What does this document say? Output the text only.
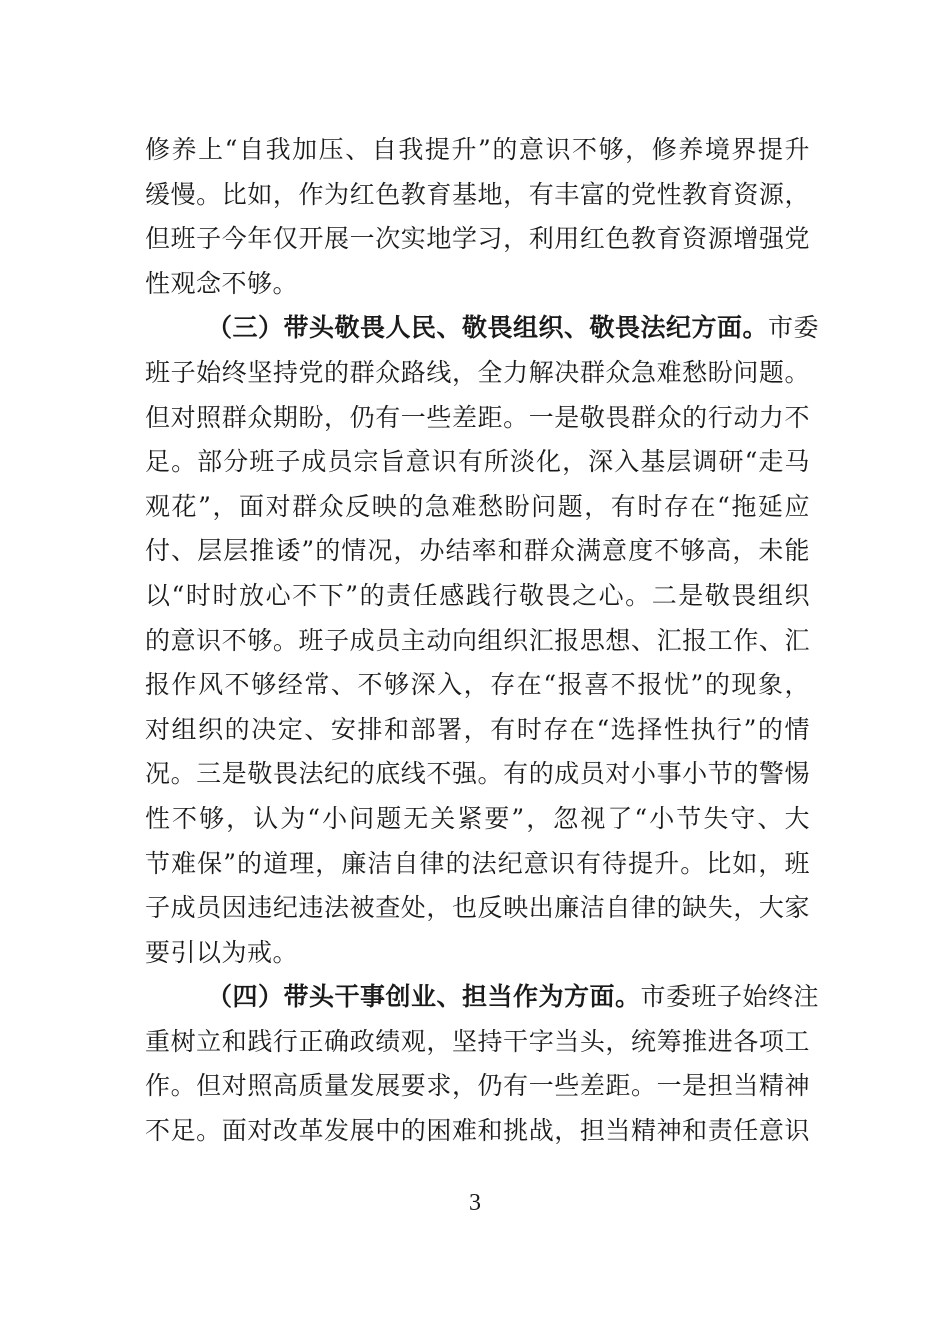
修养上“自我加压、自我提升”的意识不够，修养境界提升
缓慢。比如，作为红色教育基地，有丰富的党性教育资源，
但班子今年仅开展一次实地学习，利用红色教育资源增强党
性观念不够。
（三）带头敬畏人民、敬畏组织、敬畏法纪方面。市委
班子始终坚持党的群众路线，全力解决群众急难愁盼问题。
但对照群众期盼，仍有一些差距。一是敬畏群众的行动力不
足。部分班子成员宗旨意识有所淡化，深入基层调研“走马
观花”，面对群众反映的急难愁盼问题，有时存在“拖延应
付、层层推诿”的情况，办结率和群众满意度不够高，未能
以“时时放心不下”的责任感践行敬畏之心。二是敬畏组织
的意识不够。班子成员主动向组织汇报思想、汇报工作、汇
报作风不够经常、不够深入，存在“报喜不报忧”的现象，
对组织的决定、安排和部署，有时存在“选择性执行”的情
况。三是敬畏法纪的底线不强。有的成员对小事小节的警惕
性不够，认为“小问题无关紧要”，忽视了“小节失守、大
节难保”的道理，廉洁自律的法纪意识有待提升。比如，班
子成员因违纪违法被查处，也反映出廉洁自律的缺失，大家
要引以为戒。
（四）带头干事创业、担当作为方面。市委班子始终注
重树立和践行正确政绩观，坚持干字当头，统筹推进各项工
作。但对照高质量发展要求，仍有一些差距。一是担当精神
不足。面对改革发展中的困难和挑战，担当精神和责任意识
3
